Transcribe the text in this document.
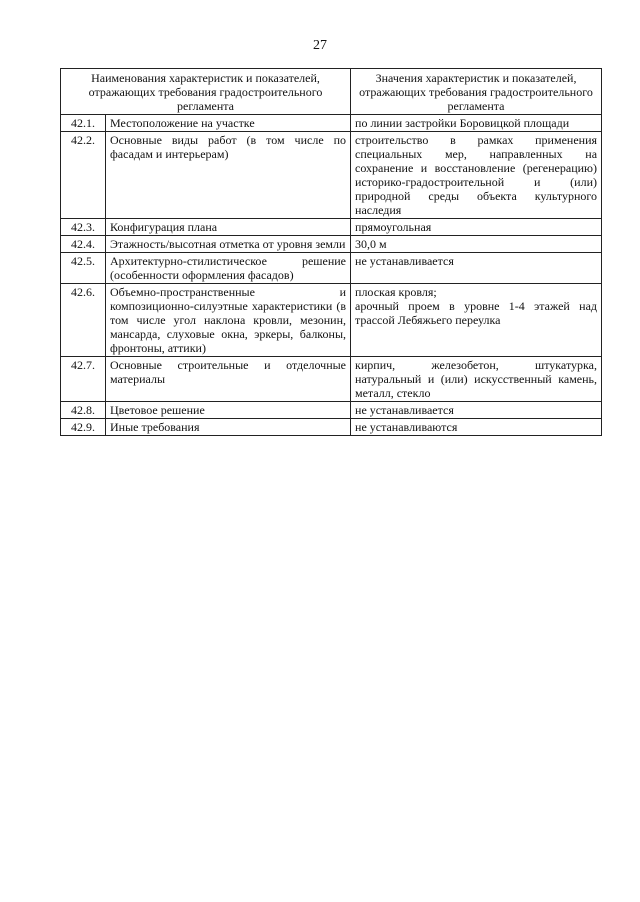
27
Наименования характеристик и показателей, отражающих требования градостроительного регламента		Значения характеристик и показателей, отражающих требования градостроительного регламента
42.1.	Местоположение на участке	по линии застройки Боровицкой площади
42.2.	Основные виды работ (в том числе по фасадам и интерьерам)	строительство в рамках применения специальных мер, направленных на сохранение и восстановление (регенерацию) историко-градостроительной и (или) природной среды объекта культурного наследия
42.3.	Конфигурация плана	прямоугольная
42.4.	Этажность/высотная отметка от уровня земли	30,0 м
42.5.	Архитектурно-стилистическое решение (особенности оформления фасадов)	не устанавливается
42.6.	Объемно-пространственные и композиционно-силуэтные характеристики (в том числе угол наклона кровли, мезонин, мансарда, слуховые окна, эркеры, балконы, фронтоны, аттики)	плоская кровля;
арочный проем в уровне 1-4 этажей над трассой Лебяжьего переулка
42.7.	Основные строительные и отделочные материалы	кирпич, железобетон, штукатурка, натуральный и (или) искусственный камень, металл, стекло
42.8.	Цветовое решение	не устанавливается
42.9.	Иные требования	не устанавливаются
